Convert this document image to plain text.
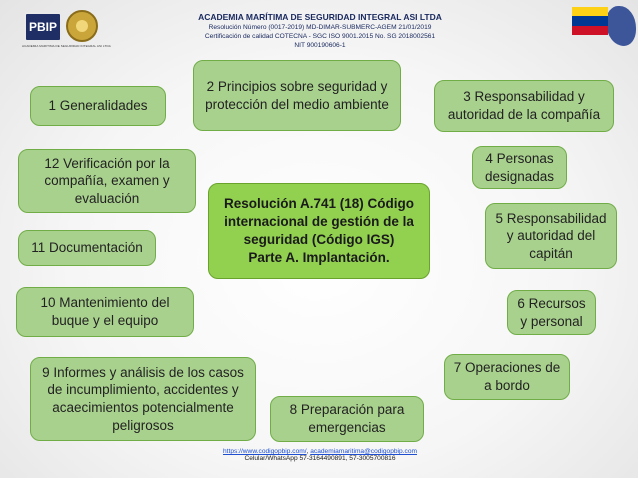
PBIP
ACADEMIA MARITIMA DE SEGURIDAD INTEGRAL ASI LTDA
ACADEMIA MARÍTIMA DE SEGURIDAD INTEGRAL ASI LTDA
Resolución Número (0017-2019) MD-DIMAR-SUBMERC-AGEM 21/01/2019
Certificación de calidad COTECNA - SGC ISO 9001.2015 No. SG 2018002561
NIT 900190606-1
Resolución A.741 (18) Código
internacional de gestión de la
seguridad (Código IGS)
Parte A. Implantación.
1 Generalidades
2 Principios sobre seguridad y protección del medio ambiente	3 Responsabilidad y autoridad de la compañía
4 Personas designadas
5 Responsabilidad y autoridad del capitán
6 Recursos y personal
7 Operaciones de a bordo
8 Preparación para emergencias
9 Informes y análisis de los casos de incumplimiento, accidentes y acaecimientos potencialmente peligrosos
10 Mantenimiento del buque y el equipo
11 Documentación
12 Verificación por la compañía, examen y evaluación
https://www.codigopbip.com/, academiamaritima@codigopbip.com
Celular/WhatsApp 57-3164490891, 57-3005700816
